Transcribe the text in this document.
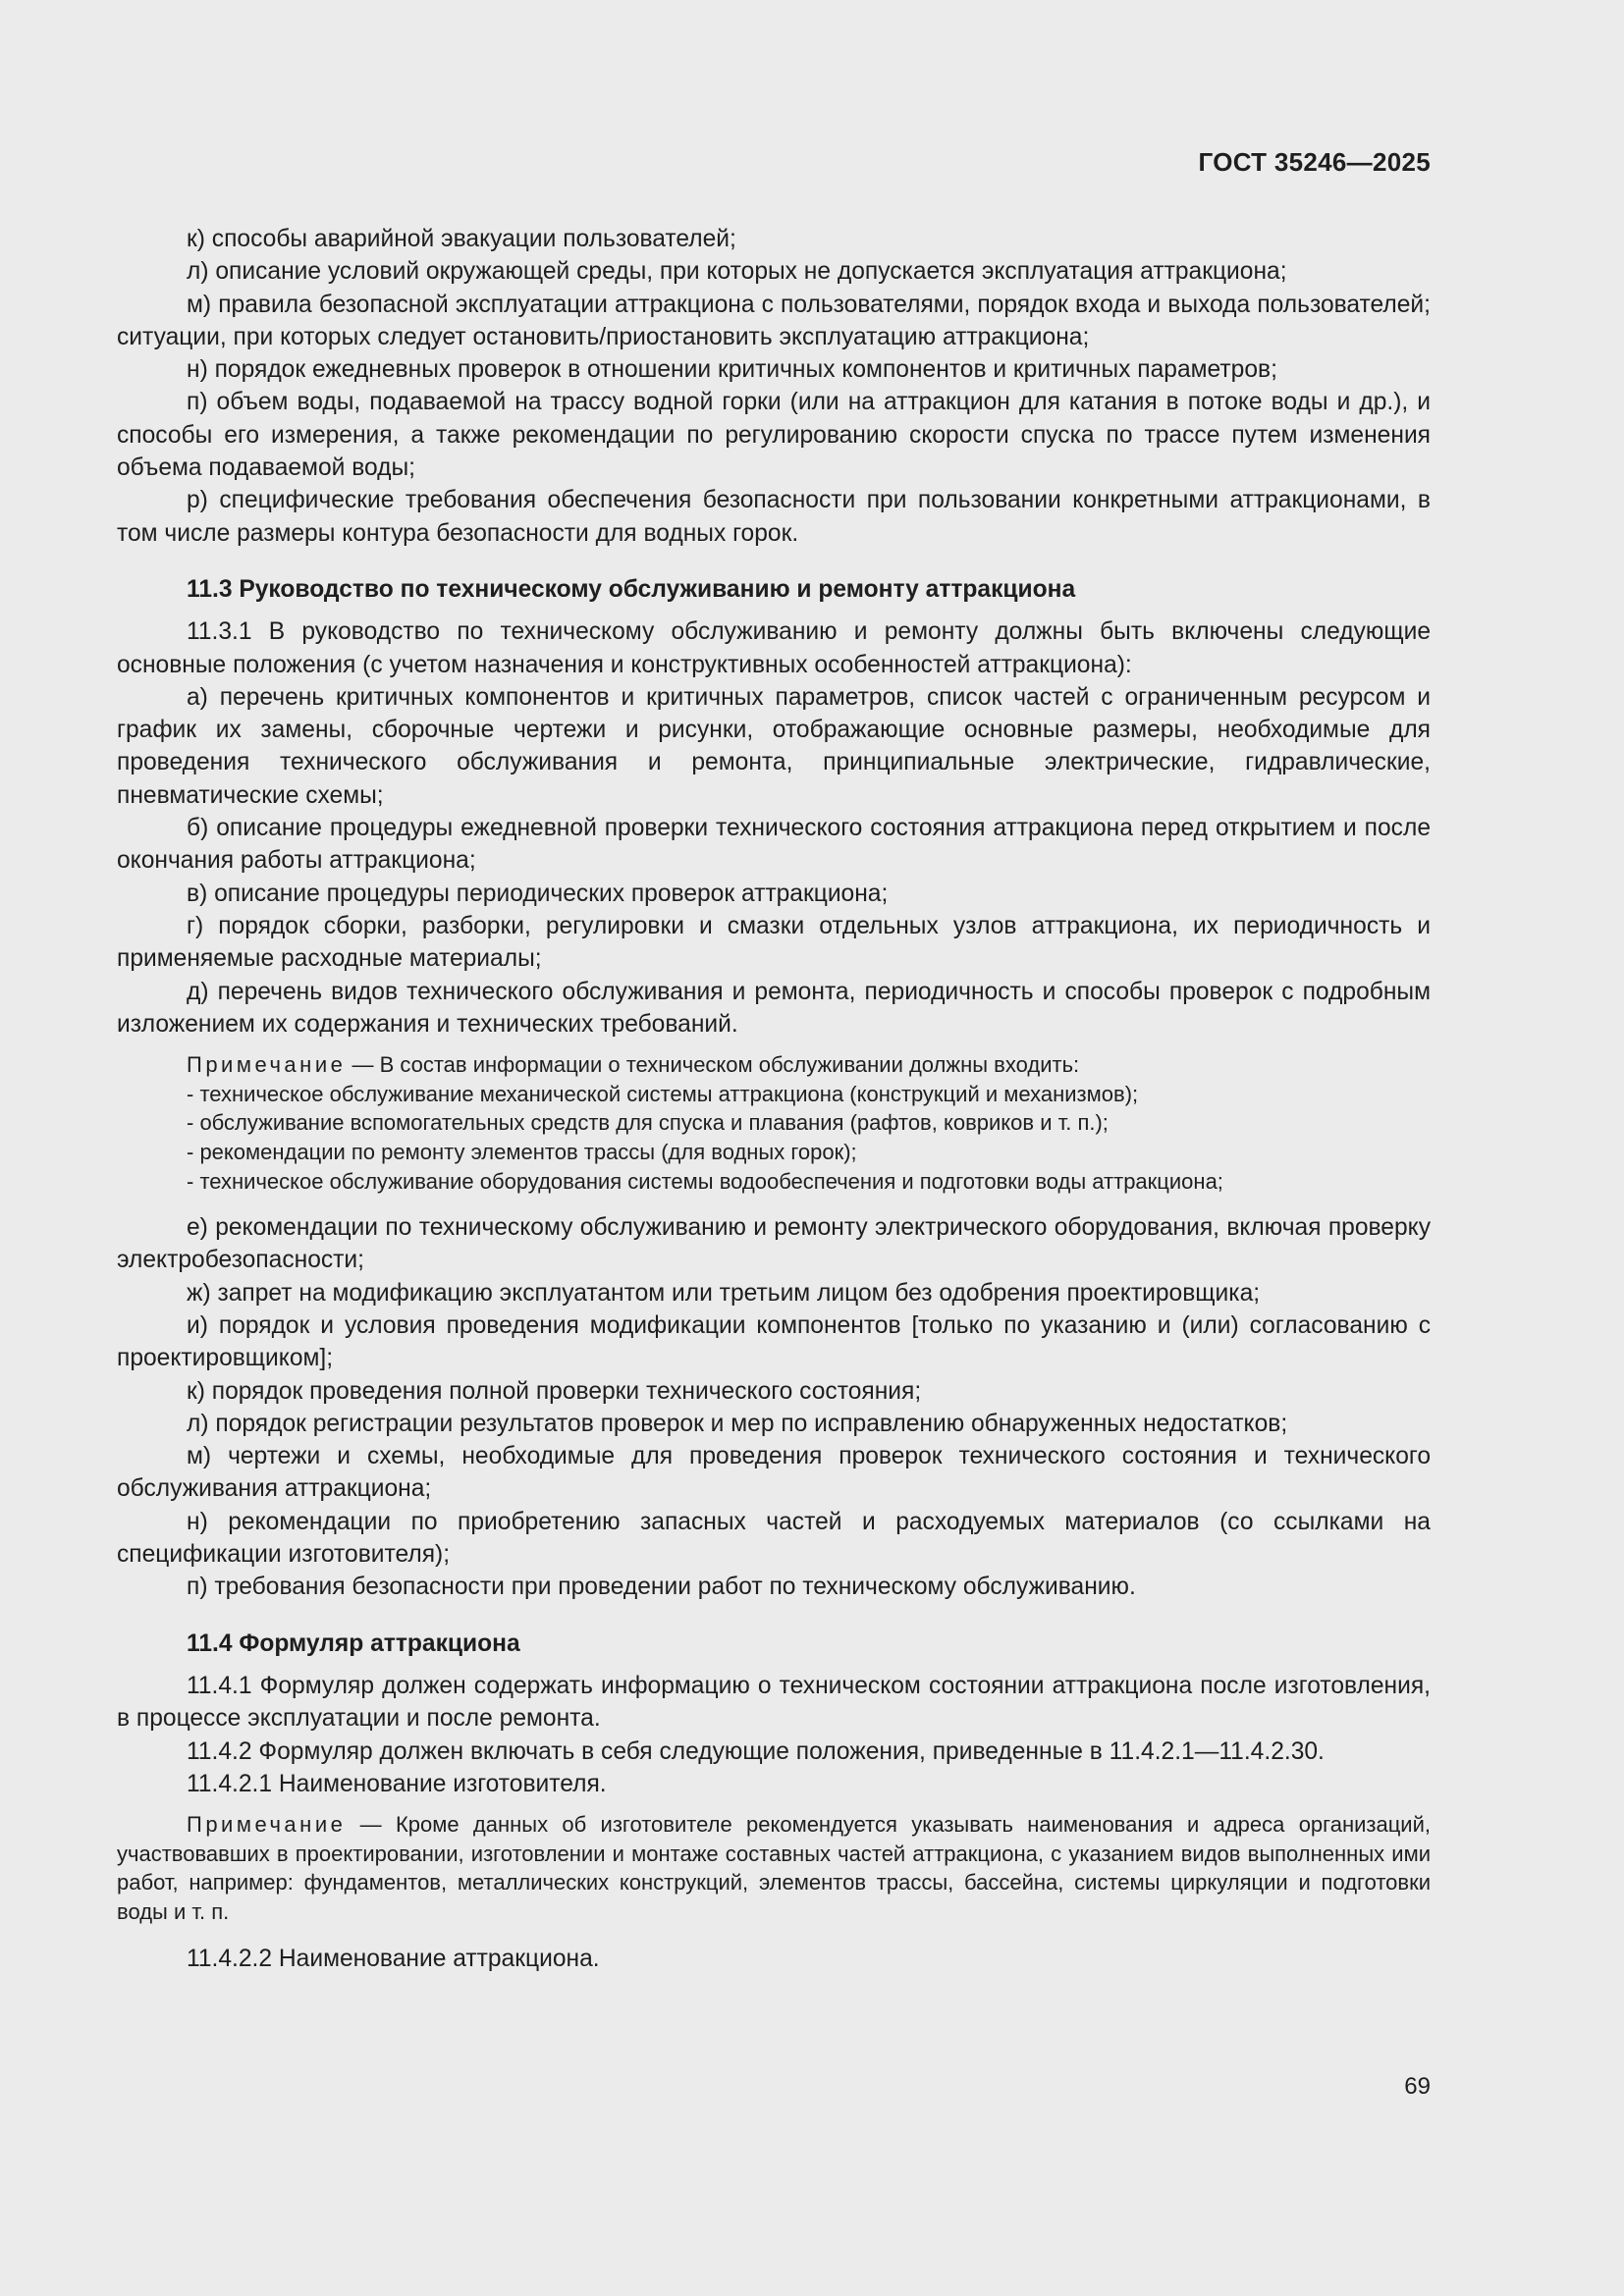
ГОСТ 35246—2025

к) способы аварийной эвакуации пользователей;

л) описание условий окружающей среды, при которых не допускается эксплуатация аттракциона;

м) правила безопасной эксплуатации аттракциона с пользователями, порядок входа и выхода пользователей; ситуации, при которых следует остановить/приостановить эксплуатацию аттракциона;

н) порядок ежедневных проверок в отношении критичных компонентов и критичных параметров;

п) объем воды, подаваемой на трассу водной горки (или на аттракцион для катания в потоке воды и др.), и способы его измерения, а также рекомендации по регулированию скорости спуска по трассе путем изменения объема подаваемой воды;

р) специфические требования обеспечения безопасности при пользовании конкретными аттракционами, в том числе размеры контура безопасности для водных горок.

11.3 Руководство по техническому обслуживанию и ремонту аттракциона

11.3.1 В руководство по техническому обслуживанию и ремонту должны быть включены следующие основные положения (с учетом назначения и конструктивных особенностей аттракциона):

а) перечень критичных компонентов и критичных параметров, список частей с ограниченным ресурсом и график их замены, сборочные чертежи и рисунки, отображающие основные размеры, необходимые для проведения технического обслуживания и ремонта, принципиальные электрические, гидравлические, пневматические схемы;

б) описание процедуры ежедневной проверки технического состояния аттракциона перед открытием и после окончания работы аттракциона;

в) описание процедуры периодических проверок аттракциона;

г) порядок сборки, разборки, регулировки и смазки отдельных узлов аттракциона, их периодичность и применяемые расходные материалы;

д) перечень видов технического обслуживания и ремонта, периодичность и способы проверок с подробным изложением их содержания и технических требований.

Примечание — В состав информации о техническом обслуживании должны входить:

- техническое обслуживание механической системы аттракциона (конструкций и механизмов);

- обслуживание вспомогательных средств для спуска и плавания (рафтов, ковриков и т. п.);

- рекомендации по ремонту элементов трассы (для водных горок);

- техническое обслуживание оборудования системы водообеспечения и подготовки воды аттракциона;

е) рекомендации по техническому обслуживанию и ремонту электрического оборудования, включая проверку электробезопасности;

ж) запрет на модификацию эксплуатантом или третьим лицом без одобрения проектировщика;

и) порядок и условия проведения модификации компонентов [только по указанию и (или) согласованию с проектировщиком];

к) порядок проведения полной проверки технического состояния;

л) порядок регистрации результатов проверок и мер по исправлению обнаруженных недостатков;

м) чертежи и схемы, необходимые для проведения проверок технического состояния и технического обслуживания аттракциона;

н) рекомендации по приобретению запасных частей и расходуемых материалов (со ссылками на спецификации изготовителя);

п) требования безопасности при проведении работ по техническому обслуживанию.

11.4 Формуляр аттракциона

11.4.1 Формуляр должен содержать информацию о техническом состоянии аттракциона после изготовления, в процессе эксплуатации и после ремонта.

11.4.2 Формуляр должен включать в себя следующие положения, приведенные в 11.4.2.1—11.4.2.30.

11.4.2.1 Наименование изготовителя.

Примечание — Кроме данных об изготовителе рекомендуется указывать наименования и адреса организаций, участвовавших в проектировании, изготовлении и монтаже составных частей аттракциона, с указанием видов выполненных ими работ, например: фундаментов, металлических конструкций, элементов трассы, бассейна, системы циркуляции и подготовки воды и т. п.

11.4.2.2 Наименование аттракциона.

69
